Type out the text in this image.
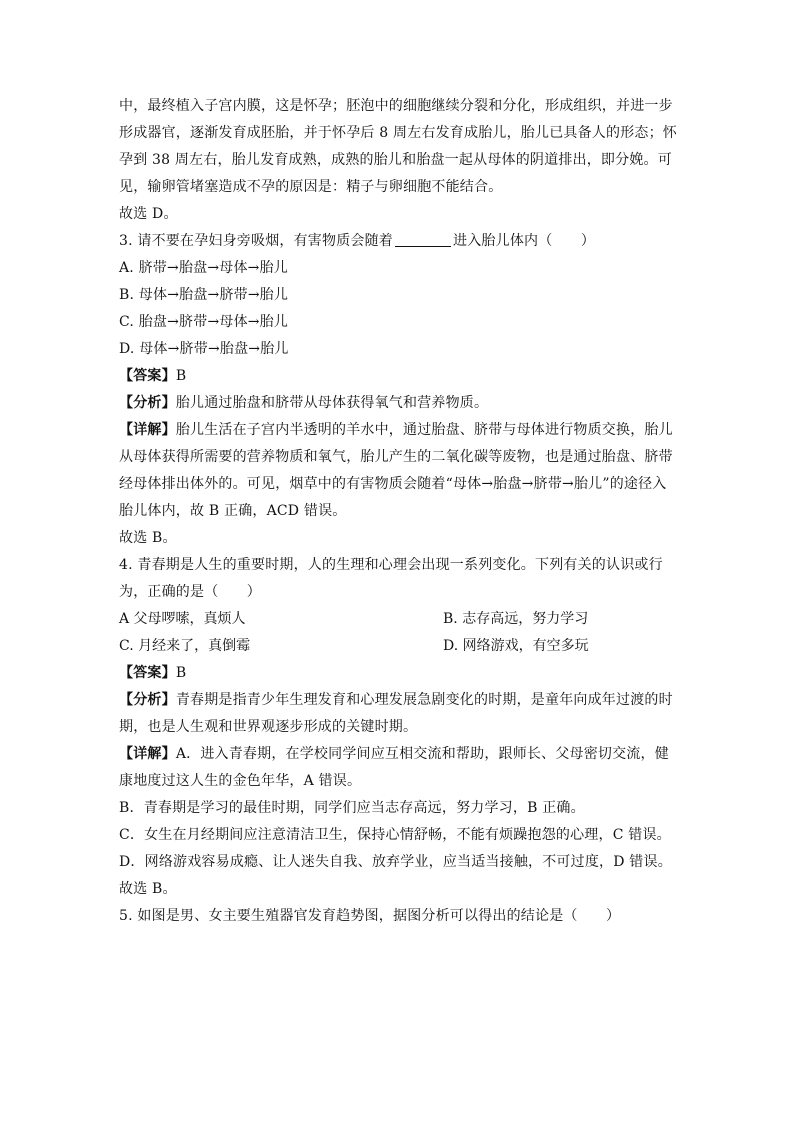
中，最终植入子宫内膜，这是怀孕；胚泡中的细胞继续分裂和分化，形成组织，并进一步
形成器官，逐渐发育成胚胎，并于怀孕后 8 周左右发育成胎儿，胎儿已具备人的形态；怀
孕到 38 周左右，胎儿发育成熟，成熟的胎儿和胎盘一起从母体的阴道排出，即分娩。可
见，输卵管堵塞造成不孕的原因是：精子与卵细胞不能结合。
故选 D。
3. 请不要在孕妇身旁吸烟，有害物质会随着	进入胎儿体内（　　）
A. 脐带→胎盘→母体→胎儿
B. 母体→胎盘→脐带→胎儿
C. 胎盘→脐带→母体→胎儿
D. 母体→脐带→胎盘→胎儿
【答案】B
【分析】胎儿通过胎盘和脐带从母体获得氧气和营养物质。
【详解】胎儿生活在子宫内半透明的羊水中，通过胎盘、脐带与母体进行物质交换，胎儿
从母体获得所需要的营养物质和氧气，胎儿产生的二氧化碳等废物，也是通过胎盘、脐带
经母体排出体外的。可见，烟草中的有害物质会随着“母体→胎盘→脐带→胎儿”的途径入
胎儿体内，故 B 正确，ACD 错误。
故选 B。
4. 青春期是人生的重要时期，人的生理和心理会出现一系列变化。下列有关的认识或行
为，正确的是（　　）
A 父母啰嗦，真烦人	B. 志存高远，努力学习
C. 月经来了，真倒霉	D. 网络游戏，有空多玩
【答案】B
【分析】青春期是指青少年生理发育和心理发展急剧变化的时期，是童年向成年过渡的时
期，也是人生观和世界观逐步形成的关键时期。
【详解】A．进入青春期，在学校同学间应互相交流和帮助，跟师长、父母密切交流，健
康地度过这人生的金色年华，A 错误。
B．青春期是学习的最佳时期，同学们应当志存高远，努力学习，B 正确。
C．女生在月经期间应注意清洁卫生，保持心情舒畅，不能有烦躁抱怨的心理，C 错误。
D．网络游戏容易成瘾、让人迷失自我、放弃学业，应当适当接触，不可过度，D 错误。
故选 B。
5. 如图是男、女主要生殖器官发育趋势图，据图分析可以得出的结论是（　　）
